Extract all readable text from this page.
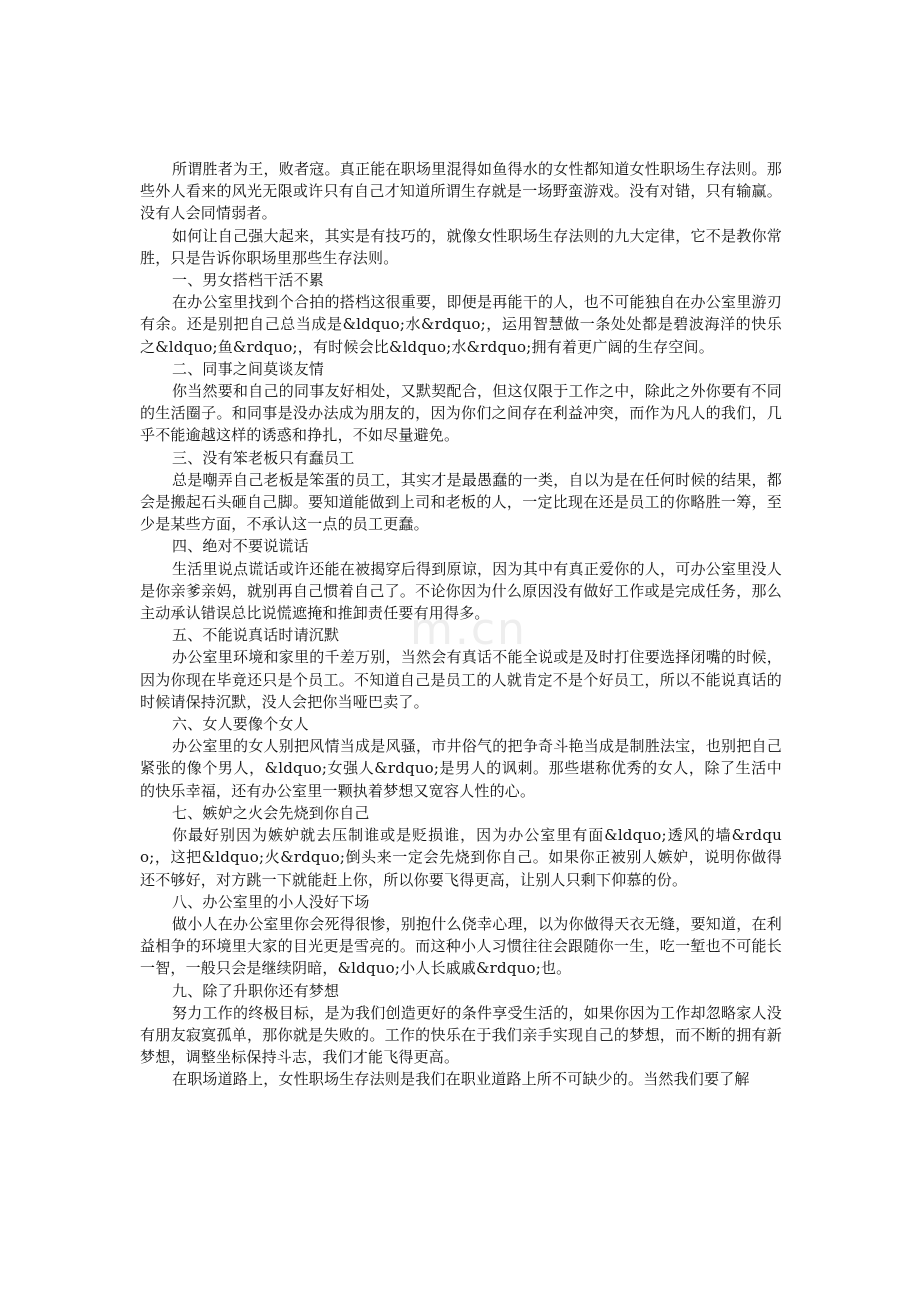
所谓胜者为王，败者寇。真正能在职场里混得如鱼得水的女性都知道女性职场生存法则。那些外人看来的风光无限或许只有自己才知道所谓生存就是一场野蛮游戏。没有对错，只有输赢。没有人会同情弱者。

如何让自己强大起来，其实是有技巧的，就像女性职场生存法则的九大定律，它不是教你常胜，只是告诉你职场里那些生存法则。

一、男女搭档干活不累

在办公室里找到个合拍的搭档这很重要，即便是再能干的人，也不可能独自在办公室里游刃有余。还是别把自己总当成是&ldquo;水&rdquo;，运用智慧做一条处处都是碧波海洋的快乐之&ldquo;鱼&rdquo;，有时候会比&ldquo;水&rdquo;拥有着更广阔的生存空间。

二、同事之间莫谈友情

你当然要和自己的同事友好相处，又默契配合，但这仅限于工作之中，除此之外你要有不同的生活圈子。和同事是没办法成为朋友的，因为你们之间存在利益冲突，而作为凡人的我们，几乎不能逾越这样的诱惑和挣扎，不如尽量避免。

三、没有笨老板只有蠢员工

总是嘲弄自己老板是笨蛋的员工，其实才是最愚蠢的一类，自以为是在任何时候的结果，都会是搬起石头砸自己脚。要知道能做到上司和老板的人，一定比现在还是员工的你略胜一筹，至少是某些方面，不承认这一点的员工更蠢。

四、绝对不要说谎话

生活里说点谎话或许还能在被揭穿后得到原谅，因为其中有真正爱你的人，可办公室里没人是你亲爹亲妈，就别再自己惯着自己了。不论你因为什么原因没有做好工作或是完成任务，那么主动承认错误总比说慌遮掩和推卸责任要有用得多。

五、不能说真话时请沉默

办公室里环境和家里的千差万别，当然会有真话不能全说或是及时打住要选择闭嘴的时候，因为你现在毕竟还只是个员工。不知道自己是员工的人就肯定不是个好员工，所以不能说真话的时候请保持沉默，没人会把你当哑巴卖了。

六、女人要像个女人

办公室里的女人别把风情当成是风骚，市井俗气的把争奇斗艳当成是制胜法宝，也别把自己紧张的像个男人，&ldquo;女强人&rdquo;是男人的讽刺。那些堪称优秀的女人，除了生活中的快乐幸福，还有办公室里一颗执着梦想又宽容人性的心。

七、嫉妒之火会先烧到你自己

你最好别因为嫉妒就去压制谁或是贬损谁，因为办公室里有面&ldquo;透风的墙&rdquo;，这把&ldquo;火&rdquo;倒头来一定会先烧到你自己。如果你正被别人嫉妒，说明你做得还不够好，对方跳一下就能赶上你，所以你要飞得更高，让别人只剩下仰慕的份。

八、办公室里的小人没好下场

做小人在办公室里你会死得很惨，别抱什么侥幸心理，以为你做得天衣无缝，要知道，在利益相争的环境里大家的目光更是雪亮的。而这种小人习惯往往会跟随你一生，吃一堑也不可能长一智，一般只会是继续阴暗，&ldquo;小人长戚戚&rdquo;也。

九、除了升职你还有梦想

努力工作的终极目标，是为我们创造更好的条件享受生活的，如果你因为工作却忽略家人没有朋友寂寞孤单，那你就是失败的。工作的快乐在于我们亲手实现自己的梦想，而不断的拥有新梦想，调整坐标保持斗志，我们才能飞得更高。

在职场道路上，女性职场生存法则是我们在职业道路上所不可缺少的。当然我们要了解

m.cn
